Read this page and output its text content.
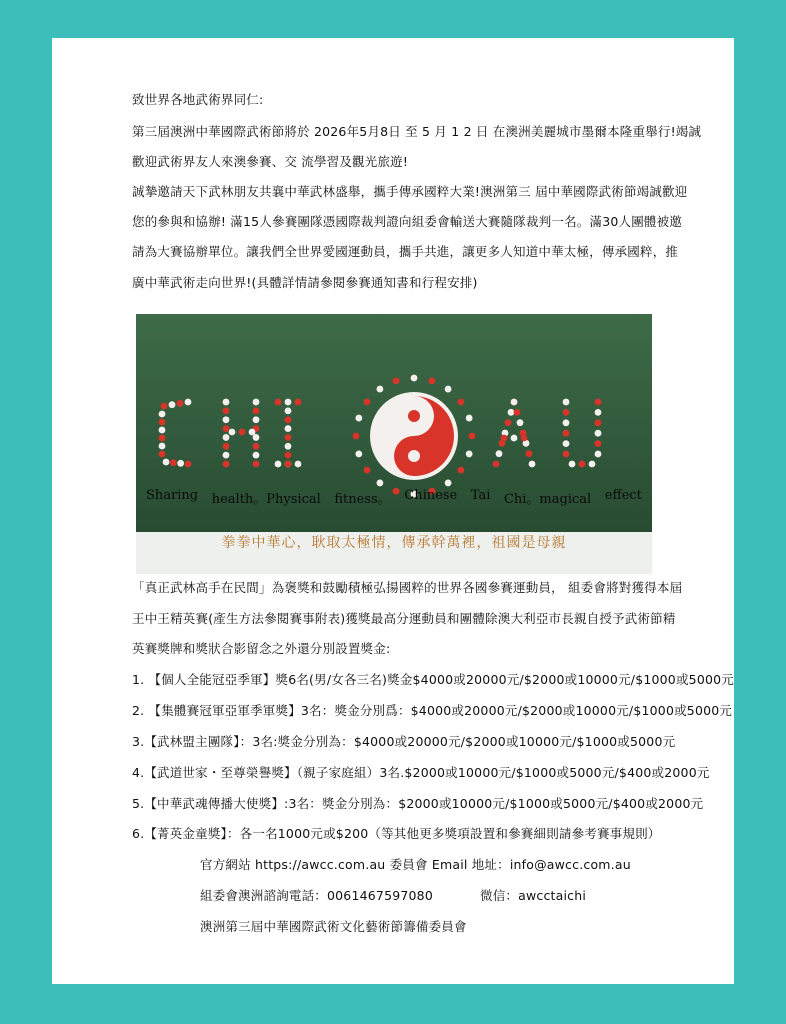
致世界各地武術界同仁:
第三屆澳洲中華國際武術節將於 2026年5月8日 至 5 月 1 2 日 在澳洲美麗城市墨爾本隆重舉行!竭誠
歡迎武術界友人來澳參賽、交 流學習及觀光旅遊!
誠摯邀請天下武林朋友共襄中華武林盛舉，攜手傳承國粹大業!澳洲第三 屆中華國際武術節竭誠歡迎
您的參與和協辦! 滿15人參賽團隊憑國際裁判證向組委會輸送大賽隨隊裁判一名。滿30人團體被邀
請為大賽協辦單位。讓我們全世界愛國運動員，攜手共進，讓更多人知道中華太極，傳承國粹，推
廣中華武術走向世界!(具體詳情請參閱參賽通知書和行程安排)
Sharing health。Physical fitness。 Chinese Tai Chi。magical effect
拳拳中華心，耿取太極情，傳承幹萬裡，祖國是母親
「真正武林高手在民間」為褒獎和鼓勵積極弘揚國粹的世界各國參賽運動員， 組委會將對獲得本屆
王中王精英賽(產生方法參閱賽事附表)獲獎最高分運動員和團體除澳大利亞市長親自授予武術節精
英賽獎牌和獎狀合影留念之外還分別設置獎金:
1. 【個人全能冠亞季軍】獎6名(男/女各三名)獎金$4000或20000元/$2000或10000元/$1000或5000元
2. 【集體賽冠軍亞軍季軍獎】3名：獎金分別爲：$4000或20000元/$2000或10000元/$1000或5000元
3.【武林盟主團隊】：3名:獎金分別為：$4000或20000元/$2000或10000元/$1000或5000元
4.【武道世家・至尊榮譽獎】（親子家庭組）3名.$2000或10000元/$1000或5000元/$400或2000元
5.【中華武魂傳播大使獎】:3名：獎金分別為：$2000或10000元/$1000或5000元/$400或2000元
6.【菁英金童獎】：各一名1000元或$200（等其他更多獎項設置和參賽細則請參考賽事規則）
官方網站 https://awcc.com.au 委員會 Email 地址：info@awcc.com.au
組委會澳洲諮詢電話：0061467597080	微信：awcctaichi
澳洲第三屆中華國際武術文化藝術節籌備委員會
